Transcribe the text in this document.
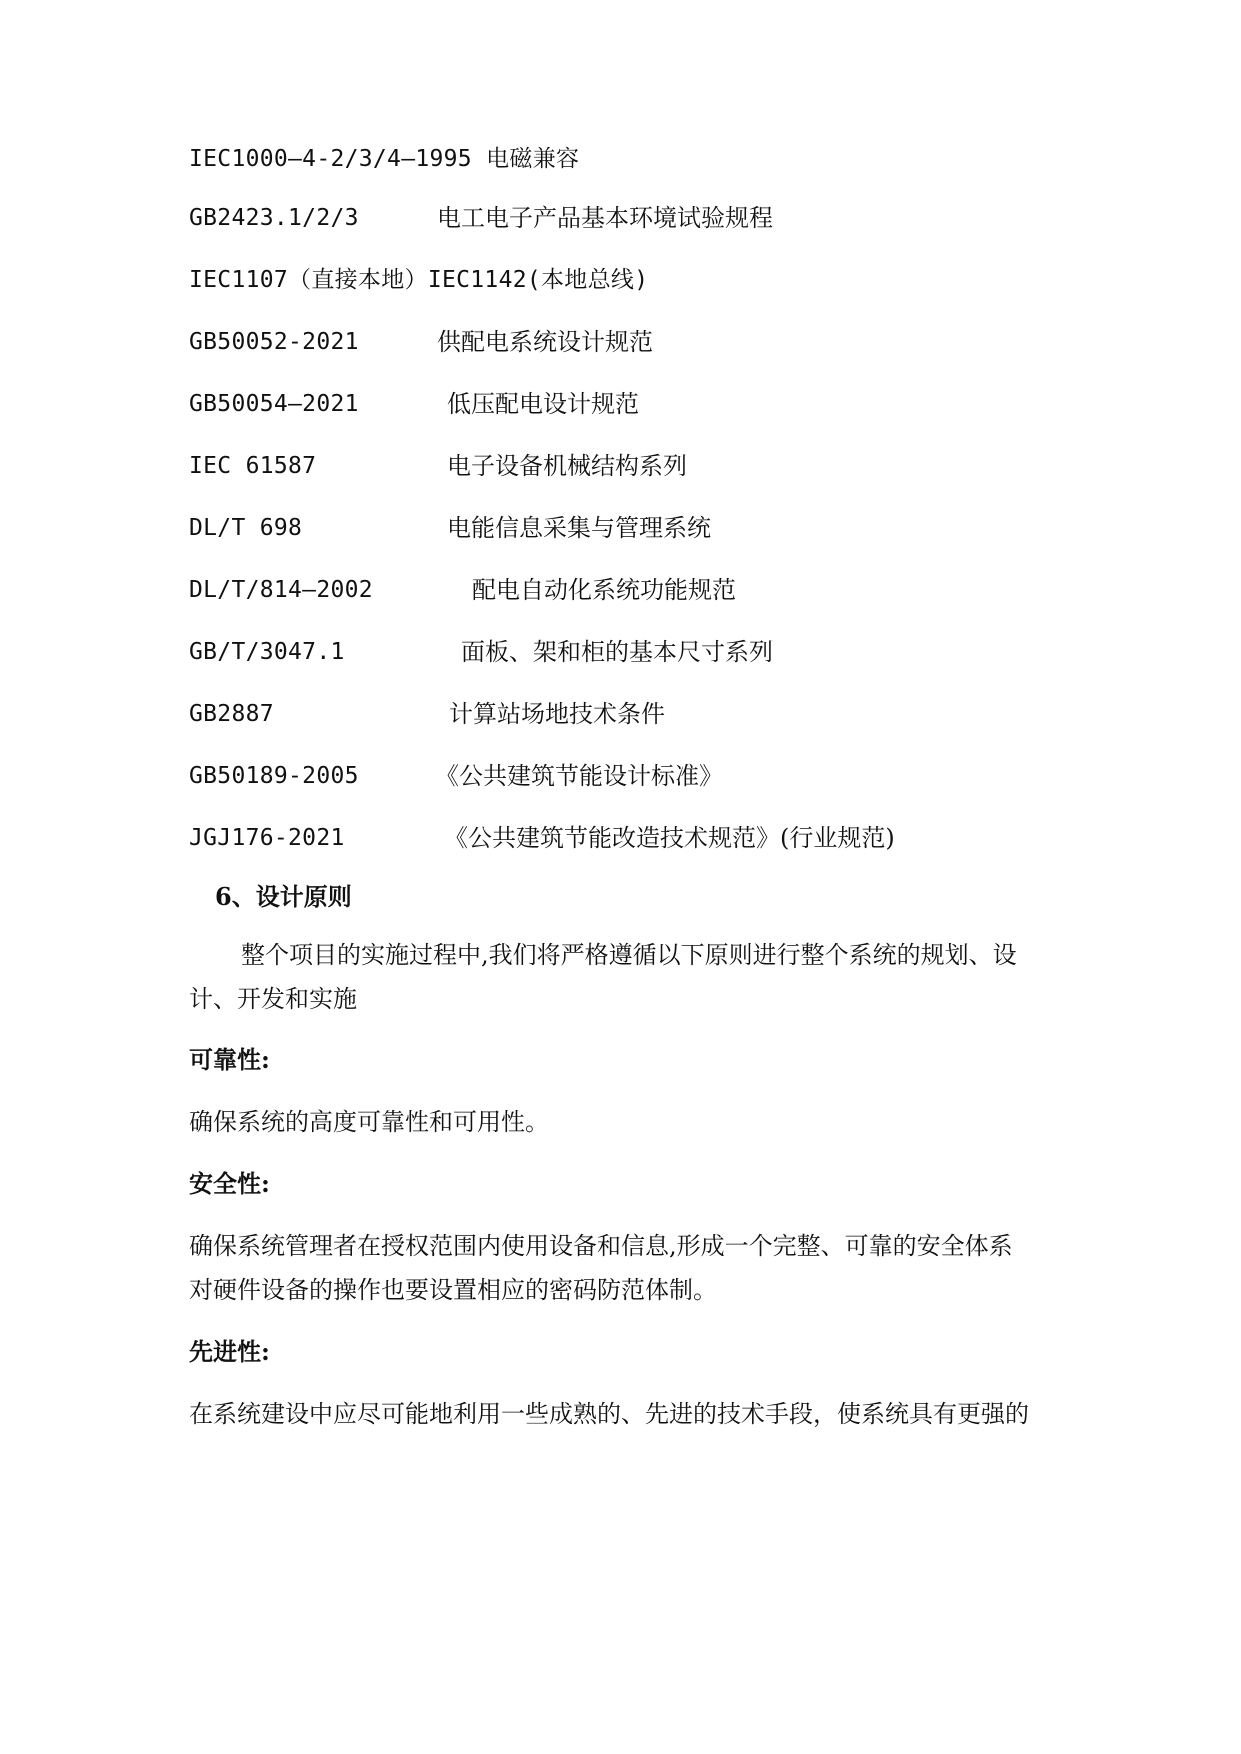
IEC1000—4-2/3/4—1995 电磁兼容
GB2423.1/2/3	电工电子产品基本环境试验规程
IEC1107（直接本地）IEC1142(本地总线)
GB50052-2021	供配电系统设计规范
GB50054—2021	低压配电设计规范
IEC 61587	电子设备机械结构系列
DL/T 698	电能信息采集与管理系统
DL/T/814—2002	配电自动化系统功能规范
GB/T/3047.1	面板、架和柜的基本尺寸系列
GB2887	计算站场地技术条件
GB50189-2005	《公共建筑节能设计标准》
JGJ176-2021	《公共建筑节能改造技术规范》(行业规范)
6、设计原则
整个项目的实施过程中,我们将严格遵循以下原则进行整个系统的规划、设
计、开发和实施
可靠性:
确保系统的高度可靠性和可用性。
安全性:
确保系统管理者在授权范围内使用设备和信息,形成一个完整、可靠的安全体系
对硬件设备的操作也要设置相应的密码防范体制。
先进性:
在系统建设中应尽可能地利用一些成熟的、先进的技术手段，使系统具有更强的
